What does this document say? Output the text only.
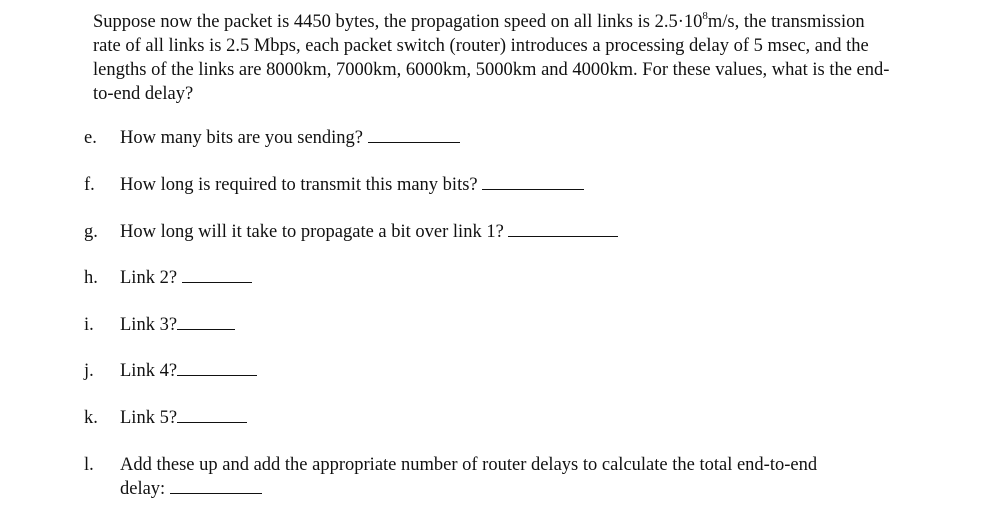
Suppose now the packet is 4450 bytes, the propagation speed on all links is $2.5\cdot 10^8m/s$, the transmission rate of all links is 2.5 Mbps, each packet switch (router) introduces a processing delay of 5 msec, and the lengths of the links are 8000km, 7000km, 6000km, 5000km and 4000km. For these values, what is the end-to-end delay?

e. How many bits are you sending?
f. How long is required to transmit this many bits?
g. How long will it take to propagate a bit over link 1?
h. Link 2?
i. Link 3?
j. Link 4?
k. Link 5?
l. Add these up and add the appropriate number of router delays to calculate the total end-to-end delay:
